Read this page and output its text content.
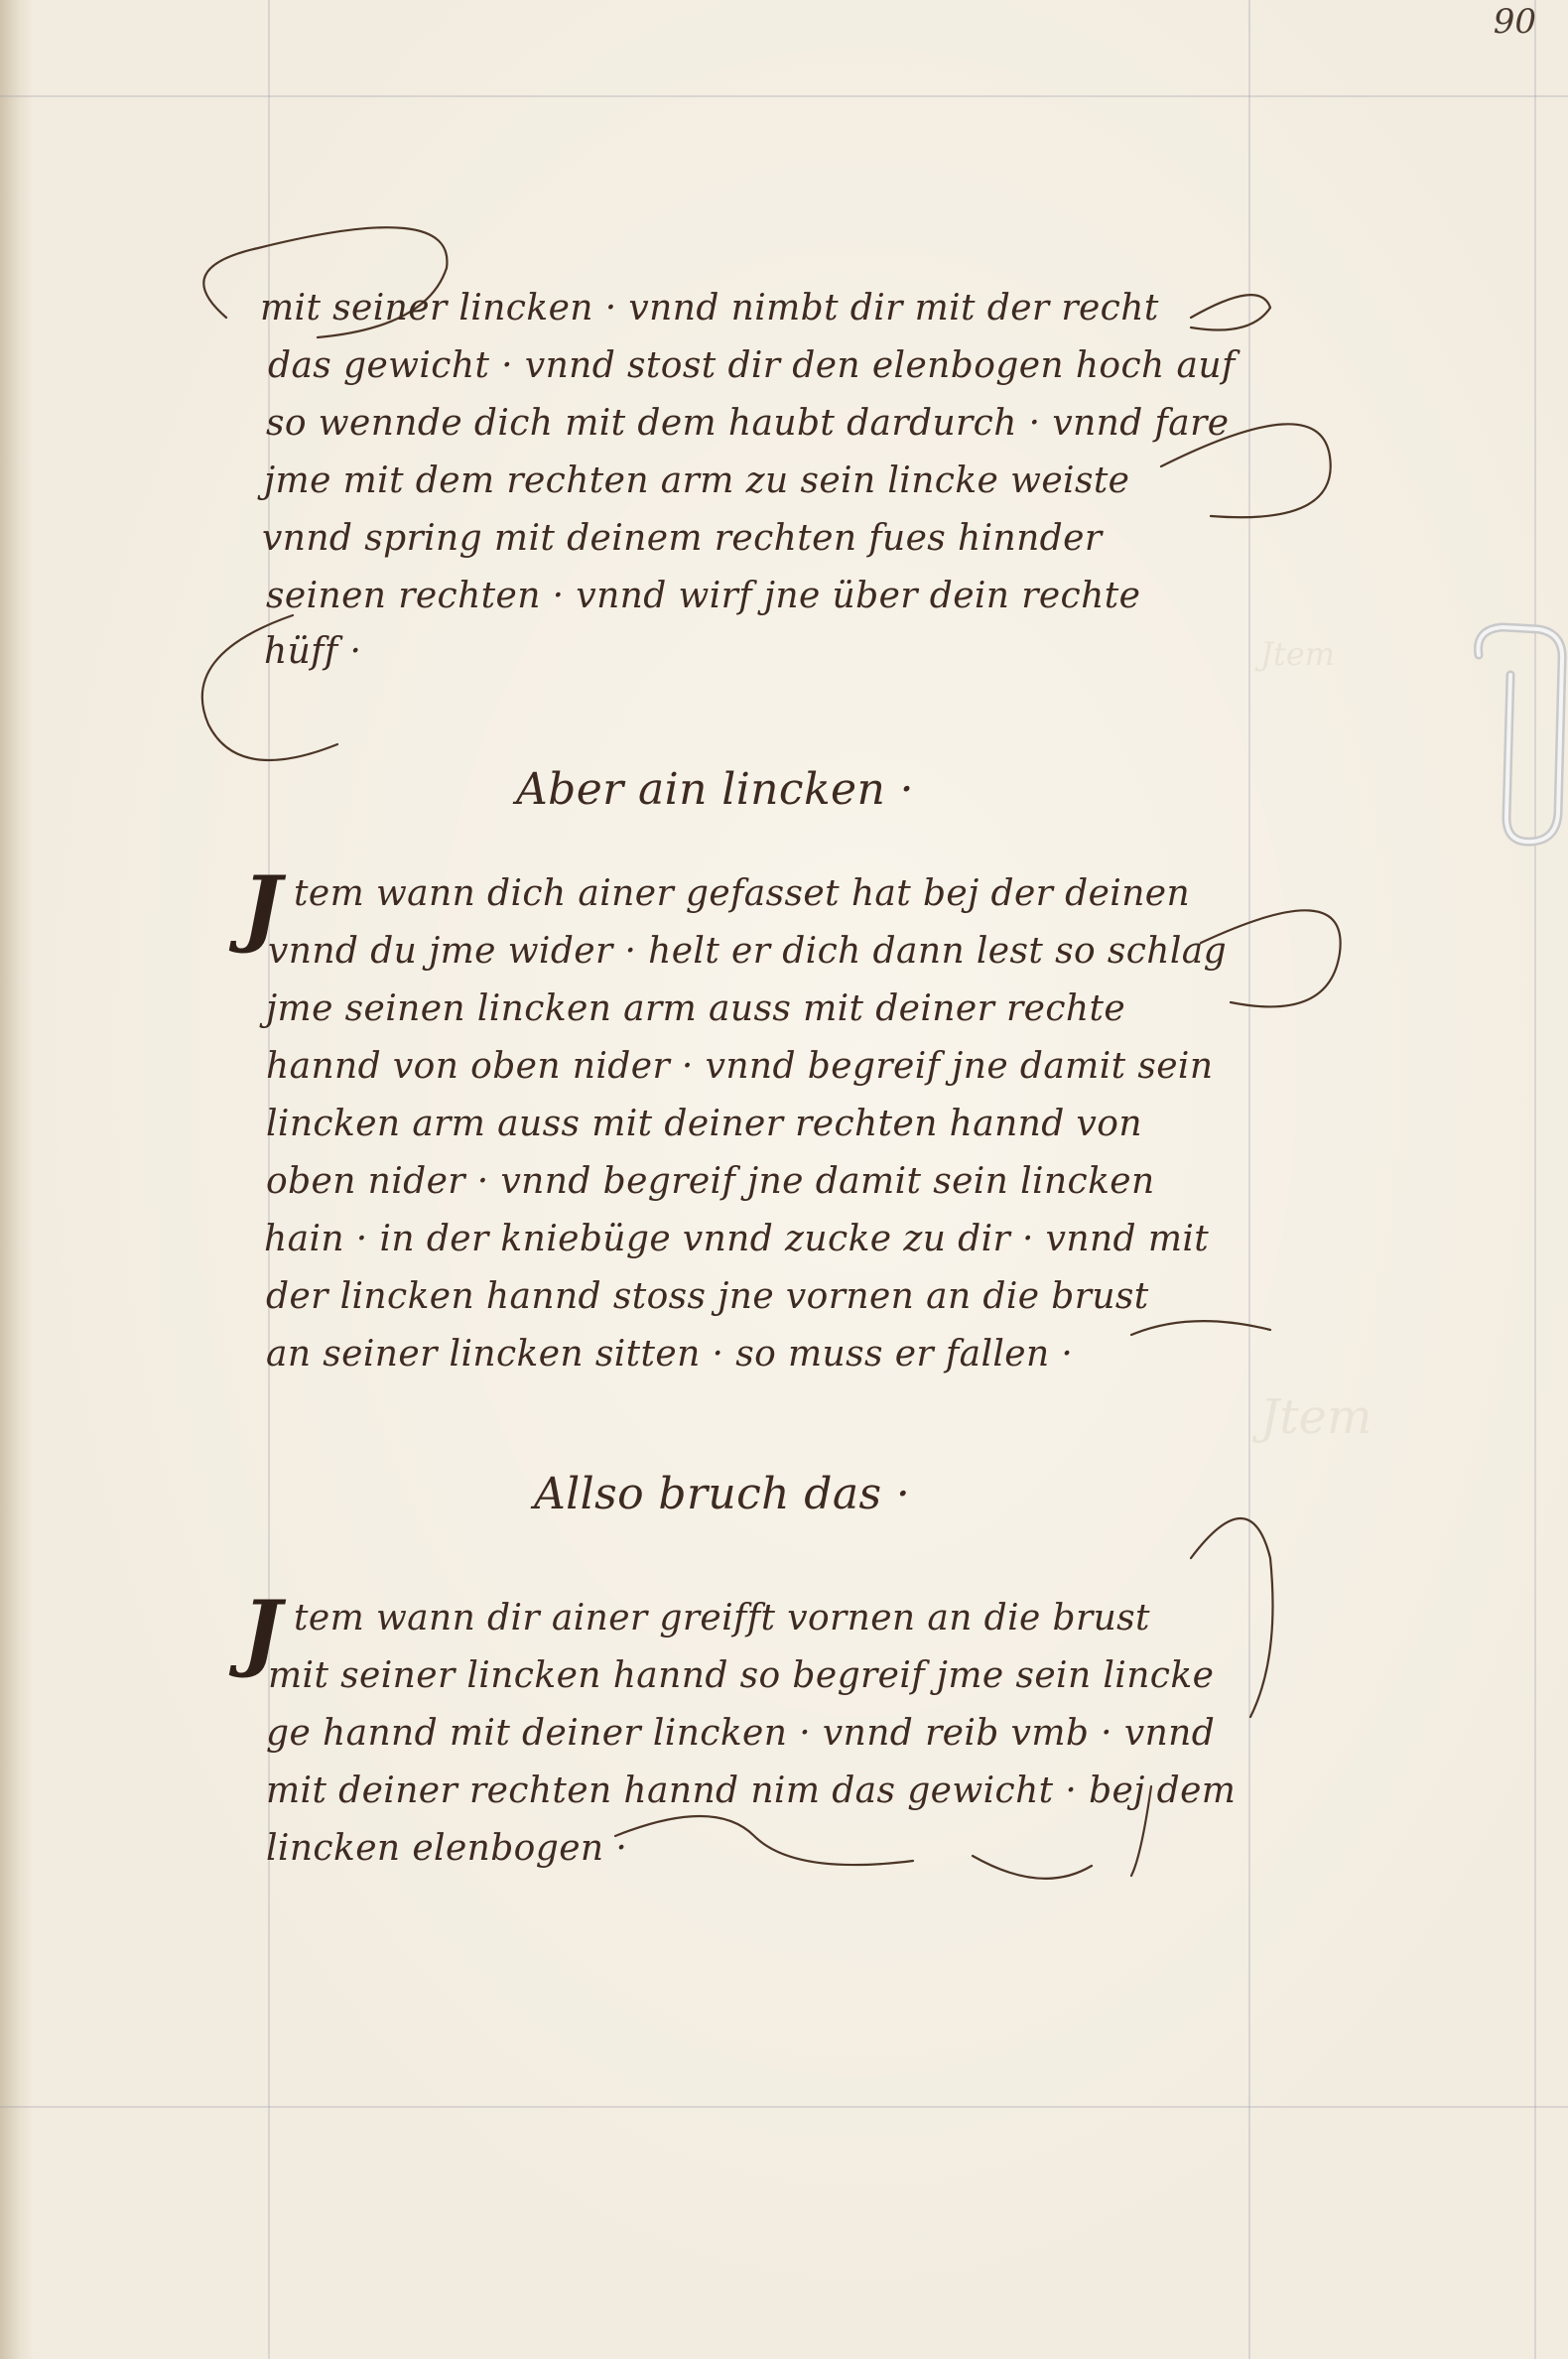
Jtem
Jtem
90
mit seiner lincken · vnnd nimbt dir mit der recht
das gewicht · vnnd stost dir den elenbogen hoch auf
so wennde dich mit dem haubt dardurch · vnnd fare
jme mit dem rechten arm zu sein lincke weiste
vnnd spring mit deinem rechten fues hinnder
seinen rechten · vnnd wirf jne über dein rechte
hüff ·
Aber ain lincken ·
J tem wann dich ainer gefasset hat bej der deinen
vnnd du jme wider · helt er dich dann lest so schlag
jme seinen lincken arm auss mit deiner rechte
hannd von oben nider · vnnd begreif jne damit sein
lincken arm auss mit deiner rechten hannd von
oben nider · vnnd begreif jne damit sein lincken
hain · in der kniebüge vnnd zucke zu dir · vnnd mit
der lincken hannd stoss jne vornen an die brust
an seiner lincken sitten · so muss er fallen ·
Allso bruch das ·
J tem wann dir ainer greifft vornen an die brust
mit seiner lincken hannd so begreif jme sein lincke
ge hannd mit deiner lincken · vnnd reib vmb · vnnd
mit deiner rechten hannd nim das gewicht · bej dem
lincken elenbogen ·
